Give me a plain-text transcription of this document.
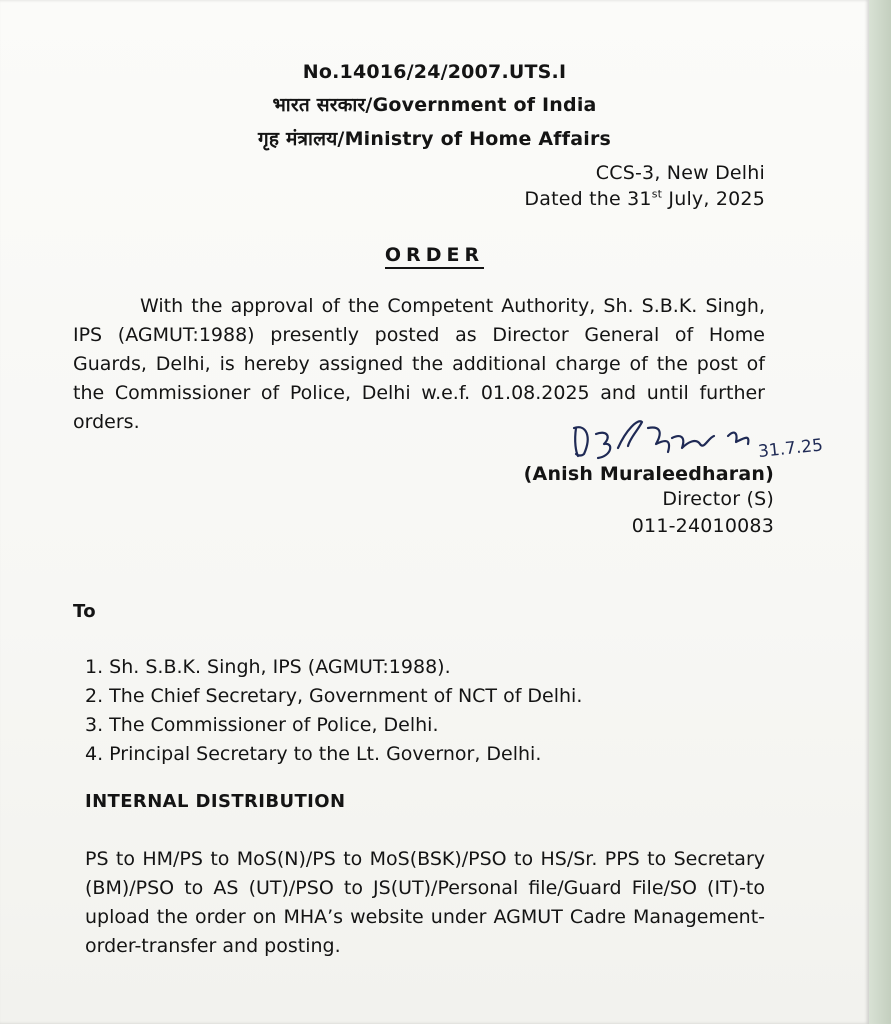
No.14016/24/2007.UTS.I
भारत सरकार/Government of India
गृह मंत्रालय/Ministry of Home Affairs
CCS-3, New Delhi
Dated the 31st July, 2025
ORDER
With the approval of the Competent Authority, Sh. S.B.K. Singh, IPS (AGMUT:1988) presently posted as Director General of Home Guards, Delhi, is hereby assigned the additional charge of the post of the Commissioner of Police, Delhi w.e.f. 01.08.2025 and until further orders.
31.7.25
(Anish Muraleedharan)
Director (S)
011-24010083
To
1. Sh. S.B.K. Singh, IPS (AGMUT:1988).
2. The Chief Secretary, Government of NCT of Delhi.
3. The Commissioner of Police, Delhi.
4. Principal Secretary to the Lt. Governor, Delhi.
INTERNAL DISTRIBUTION
PS to HM/PS to MoS(N)/PS to MoS(BSK)/PSO to HS/Sr. PPS to Secretary (BM)/PSO to AS (UT)/PSO to JS(UT)/Personal file/Guard File/SO (IT)-to upload the order on MHA’s website under AGMUT Cadre Management-order-transfer and posting.
